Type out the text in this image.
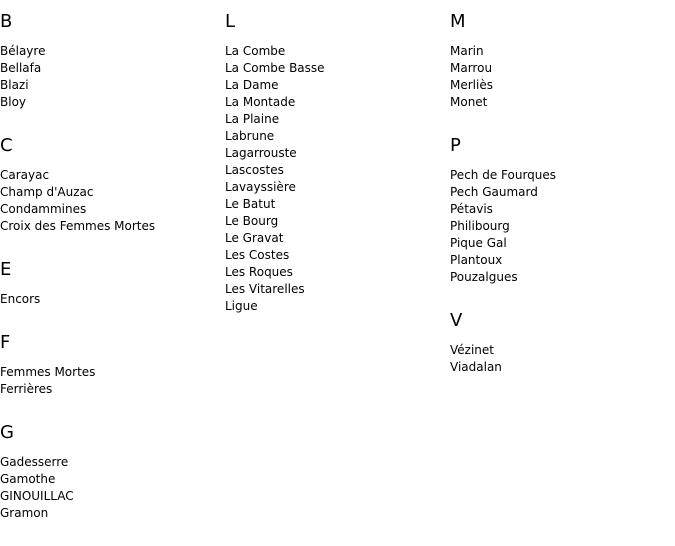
B
Bélayre
Bellafa
Blazi
Bloy
C
Carayac
Champ d'Auzac
Condammines
Croix des Femmes Mortes
E
Encors
F
Femmes Mortes
Ferrières
G
Gadesserre
Gamothe
GINOUILLAC
Gramon
L
La Combe
La Combe Basse
La Dame
La Montade
La Plaine
Labrune
Lagarrouste
Lascostes
Lavayssière
Le Batut
Le Bourg
Le Gravat
Les Costes
Les Roques
Les Vitarelles
Ligue
M
Marin
Marrou
Merliès
Monet
P
Pech de Fourques
Pech Gaumard
Pétavis
Philibourg
Pique Gal
Plantoux
Pouzalgues
V
Vézinet
Viadalan
